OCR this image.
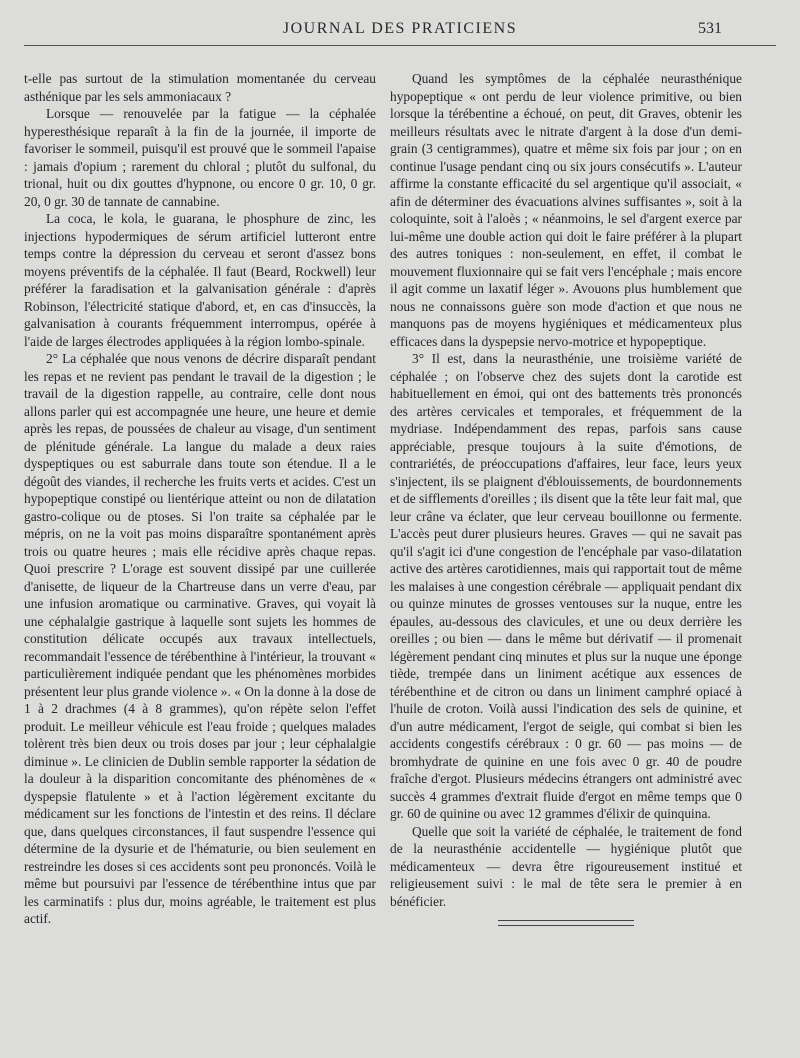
JOURNAL DES PRATICIENS	531

t-elle pas surtout de la stimulation momentanée du cerveau asthénique par les sels ammoniacaux ?

Lorsque — renouvelée par la fatigue — la céphalée hyperesthésique reparaît à la fin de la journée, il importe de favoriser le sommeil, puisqu'il est prouvé que le sommeil l'apaise : jamais d'opium ; rarement du chloral ; plutôt du sulfonal, du trional, huit ou dix gouttes d'hypnone, ou encore 0 gr. 10, 0 gr. 20, 0 gr. 30 de tannate de cannabine.

La coca, le kola, le guarana, le phosphure de zinc, les injections hypodermiques de sérum artificiel lutteront entre temps contre la dépression du cerveau et seront d'assez bons moyens préventifs de la céphalée. Il faut (Beard, Rockwell) leur préférer la faradisation et la galvanisation générale : d'après Robinson, l'électricité statique d'abord, et, en cas d'insuccès, la galvanisation à courants fréquemment interrompus, opérée à l'aide de larges électrodes appliquées à la région lombo-spinale.

2° La céphalée que nous venons de décrire disparaît pendant les repas et ne revient pas pendant le travail de la digestion ; le travail de la digestion rappelle, au contraire, celle dont nous allons parler qui est accompagnée une heure, une heure et demie après les repas, de poussées de chaleur au visage, d'un sentiment de plénitude générale. La langue du malade a deux raies dyspeptiques ou est saburrale dans toute son étendue. Il a le dégoût des viandes, il recherche les fruits verts et acides. C'est un hypopeptique constipé ou lientérique atteint ou non de dilatation gastro-colique ou de ptoses. Si l'on traite sa céphalée par le mépris, on ne la voit pas moins disparaître spontanément après trois ou quatre heures ; mais elle récidive après chaque repas. Quoi prescrire ? L'orage est souvent dissipé par une cuillerée d'anisette, de liqueur de la Chartreuse dans un verre d'eau, par une infusion aromatique ou carminative. Graves, qui voyait là une céphalalgie gastrique à laquelle sont sujets les hommes de constitution délicate occupés aux travaux intellectuels, recommandait l'essence de térébenthine à l'intérieur, la trouvant « particulièrement indiquée pendant que les phénomènes morbides présentent leur plus grande violence ». « On la donne à la dose de 1 à 2 drachmes (4 à 8 grammes), qu'on répète selon l'effet produit. Le meilleur véhicule est l'eau froide ; quelques malades tolèrent très bien deux ou trois doses par jour ; leur céphalalgie diminue ». Le clinicien de Dublin semble rapporter la sédation de la douleur à la disparition concomitante des phénomènes de « dyspepsie flatulente » et à l'action légèrement excitante du médicament sur les fonctions de l'intestin et des reins. Il déclare que, dans quelques circonstances, il faut suspendre l'essence qui détermine de la dysurie et de l'hématurie, ou bien seulement en restreindre les doses si ces accidents sont peu prononcés. Voilà le même but poursuivi par l'essence de térébenthine intus que par les carminatifs : plus dur, moins agréable, le traitement est plus actif.

Quand les symptômes de la céphalée neurasthénique hypopeptique « ont perdu de leur violence primitive, ou bien lorsque la térébentine a échoué, on peut, dit Graves, obtenir les meilleurs résultats avec le nitrate d'argent à la dose d'un demi-grain (3 centigrammes), quatre et même six fois par jour ; on en continue l'usage pendant cinq ou six jours consécutifs ». L'auteur affirme la constante efficacité du sel argentique qu'il associait, « afin de déterminer des évacuations alvines suffisantes », soit à la coloquinte, soit à l'aloès ; « néanmoins, le sel d'argent exerce par lui-même une double action qui doit le faire préférer à la plupart des autres toniques : non-seulement, en effet, il combat le mouvement fluxionnaire qui se fait vers l'encéphale ; mais encore il agit comme un laxatif léger ». Avouons plus humblement que nous ne connaissons guère son mode d'action et que nous ne manquons pas de moyens hygiéniques et médicamenteux plus efficaces dans la dyspepsie nervo-motrice et hypopeptique.

3° Il est, dans la neurasthénie, une troisième variété de céphalée ; on l'observe chez des sujets dont la carotide est habituellement en émoi, qui ont des battements très prononcés des artères cervicales et temporales, et fréquemment de la mydriase. Indépendamment des repas, parfois sans cause appréciable, presque toujours à la suite d'émotions, de contrariétés, de préoccupations d'affaires, leur face, leurs yeux s'injectent, ils se plaignent d'éblouissements, de bourdonnements et de sifflements d'oreilles ; ils disent que la tête leur fait mal, que leur crâne va éclater, que leur cerveau bouillonne ou fermente. L'accès peut durer plusieurs heures. Graves — qui ne savait pas qu'il s'agit ici d'une congestion de l'encéphale par vaso-dilatation active des artères carotidiennes, mais qui rapportait tout de même les malaises à une congestion cérébrale — appliquait pendant dix ou quinze minutes de grosses ventouses sur la nuque, entre les épaules, au-dessous des clavicules, et une ou deux derrière les oreilles ; ou bien — dans le même but dérivatif — il promenait légèrement pendant cinq minutes et plus sur la nuque une éponge tiède, trempée dans un liniment acétique aux essences de térébenthine et de citron ou dans un liniment camphré opiacé à l'huile de croton. Voilà aussi l'indication des sels de quinine, et d'un autre médicament, l'ergot de seigle, qui combat si bien les accidents congestifs cérébraux : 0 gr. 60 — pas moins — de bromhydrate de quinine en une fois avec 0 gr. 40 de poudre fraîche d'ergot. Plusieurs médecins étrangers ont administré avec succès 4 grammes d'extrait fluide d'ergot en même temps que 0 gr. 60 de quinine ou avec 12 grammes d'élixir de quinquina.

Quelle que soit la variété de céphalée, le traitement de fond de la neurasthénie accidentelle — hygiénique plutôt que médicamenteux — devra être rigoureusement institué et religieusement suivi : le mal de tête sera le premier à en bénéficier.
